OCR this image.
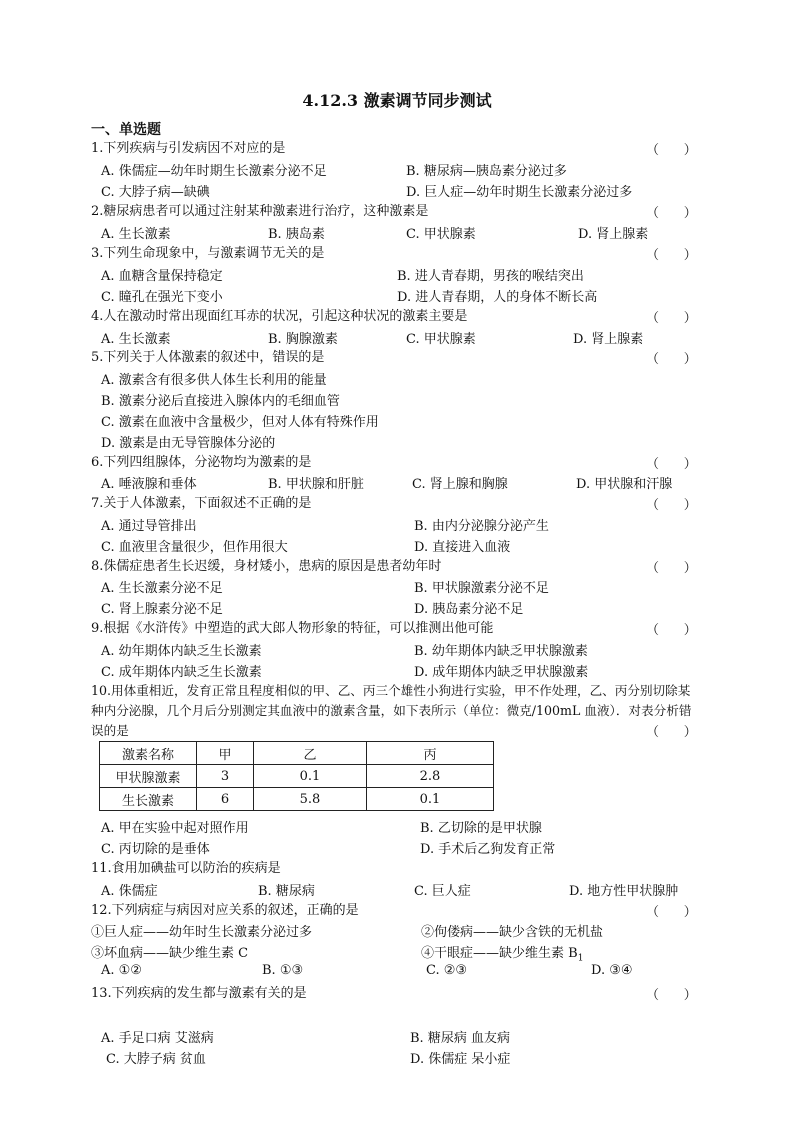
4.12.3 激素调节同步测试
一、单选题
1.下列疾病与引发病因不对应的是	（      ）
A. 侏儒症—幼年时期生长激素分泌不足	B. 糖尿病—胰岛素分泌过多
C. 大脖子病—缺碘	D. 巨人症—幼年时期生长激素分泌过多
2.糖尿病患者可以通过注射某种激素进行治疗，这种激素是	（      ）
A. 生长激素	B. 胰岛素	C. 甲状腺素	D. 肾上腺素
3.下列生命现象中，与激素调节无关的是	（      ）
A. 血糖含量保持稳定	B. 进人青春期，男孩的喉结突出
C. 瞳孔在强光下变小	D. 进人青春期，人的身体不断长高
4.人在激动时常出现面红耳赤的状况，引起这种状况的激素主要是	（      ）
A. 生长激素	B. 胸腺激素	C. 甲状腺素	D. 肾上腺素
5.下列关于人体激素的叙述中，错误的是	（      ）
A. 激素含有很多供人体生长利用的能量
B. 激素分泌后直接进入腺体内的毛细血管
C. 激素在血液中含量极少，但对人体有特殊作用
D. 激素是由无导管腺体分泌的
6.下列四组腺体，分泌物均为激素的是	（      ）
A. 唾液腺和垂体	B. 甲状腺和肝脏	C. 肾上腺和胸腺	D. 甲状腺和汗腺
7.关于人体激素，下面叙述不正确的是	（      ）
A. 通过导管排出	B. 由内分泌腺分泌产生
C. 血液里含量很少，但作用很大	D. 直接进入血液
8.侏儒症患者生长迟缓，身材矮小，患病的原因是患者幼年时	（      ）
A. 生长激素分泌不足	B. 甲状腺激素分泌不足
C. 肾上腺素分泌不足	D. 胰岛素分泌不足
9.根据《水浒传》中塑造的武大郎人物形象的特征，可以推测出他可能	（      ）
A. 幼年期体内缺乏生长激素	B. 幼年期体内缺乏甲状腺激素
C. 成年期体内缺乏生长激素	D. 成年期体内缺乏甲状腺激素
10.用体重相近，发育正常且程度相似的甲、乙、丙三个雄性小狗进行实验，甲不作处理，乙、丙分别切除某种内分泌腺，几个月后分别测定其血液中的激素含量，如下表所示（单位：微克/100mL 血液）．对表分析错误的是	（      ）
激素名称	甲	乙	丙
甲状腺激素	3	0.1	2.8
生长激素	6	5.8	0.1
A. 甲在实验中起对照作用	B. 乙切除的是甲状腺
C. 丙切除的是垂体	D. 手术后乙狗发育正常
11.食用加碘盐可以防治的疾病是
A. 侏儒症	B. 糖尿病	C. 巨人症	D. 地方性甲状腺肿
12.下列病症与病因对应关系的叙述，正确的是	（      ）
①巨人症——幼年时生长激素分泌过多	②佝偻病——缺少含铁的无机盐
③坏血病——缺少维生素 C	④干眼症——缺少维生素 $B_1$
A. ①②	B. ①③	C. ②③	D. ③④
13.下列疾病的发生都与激素有关的是	（      ）
A. 手足口病 艾滋病	B. 糖尿病 血友病
C. 大脖子病 贫血	D. 侏儒症 呆小症
